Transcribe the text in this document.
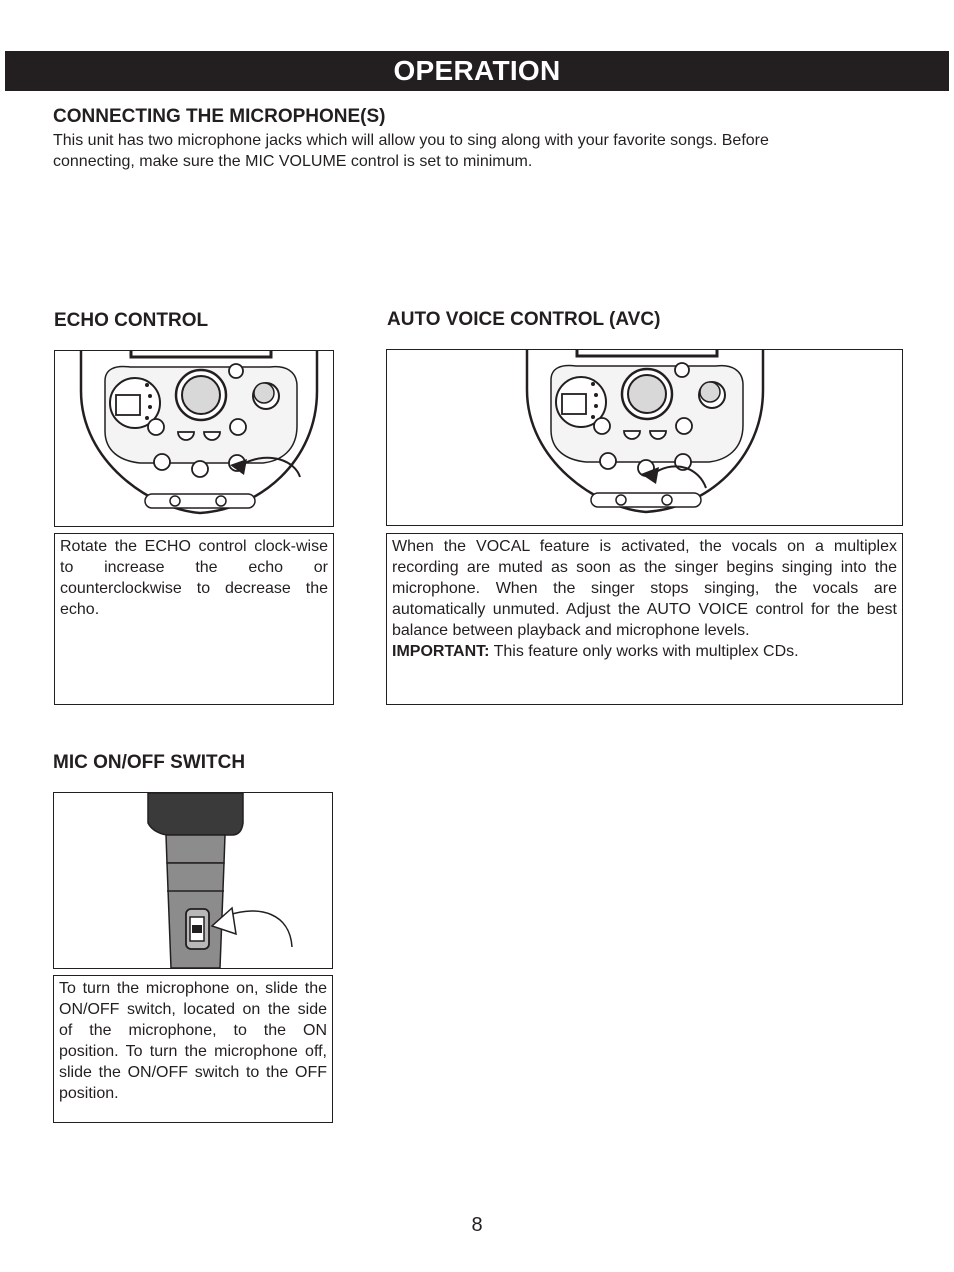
OPERATION
CONNECTING THE MICROPHONE(S)

This unit has two microphone jacks which will allow you to sing along with your favorite songs. Before

connecting, make sure the MIC VOLUME control is set to minimum.

ECHO CONTROL
Rotate the ECHO control clock-wise to increase the echo or counterclockwise to decrease the echo.
AUTO VOICE CONTROL (AVC)
When the VOCAL feature is activated, the vocals on a multiplex recording are muted as soon as the singer begins singing into the microphone. When the singer stops singing, the vocals are automatically unmuted. Adjust the AUTO VOICE control for the best balance between playback and microphone levels.
IMPORTANT: This feature only works with multiplex CDs.
MIC ON/OFF SWITCH
To turn the microphone on, slide the ON/OFF switch, located on the side of the microphone, to the ON position. To turn the microphone off, slide the ON/OFF switch to the OFF position.
8
